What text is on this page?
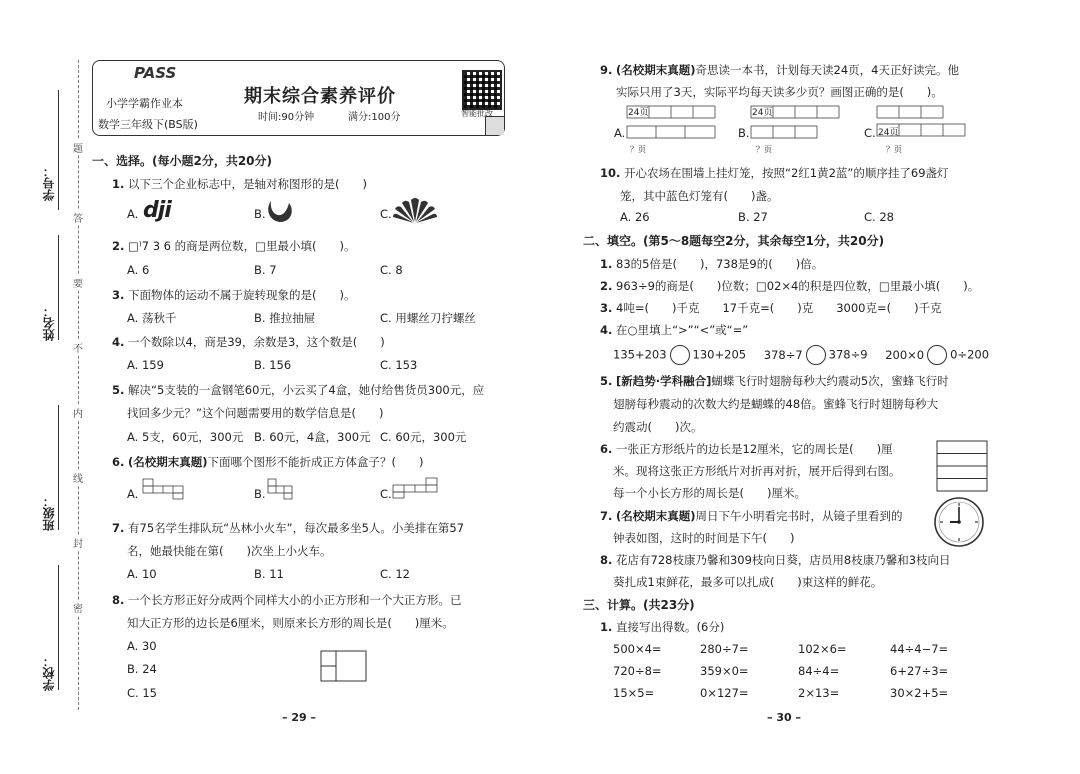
学号：
姓名：
班级：
学校：
题
答
要
不
内
线
封
密
PASS
小学学霸作业本
数学三年级下(BS版)
期末综合素养评价
时间:90分钟	满分:100分	智能批改
一、选择。(每小题2分，共20分)
1. 以下三个企业标志中，是轴对称图形的是(　　)
A. dji	B.	C.
2. □⁾7 3 6 的商是两位数，□里最小填(　　)。
A. 6	B. 7	C. 8
3. 下面物体的运动不属于旋转现象的是(　　)。
A. 荡秋千	B. 推拉抽屉	C. 用螺丝刀拧螺丝
4. 一个数除以4，商是39，余数是3，这个数是(　　)
A. 159	B. 156	C. 153
5. 解决“5支装的一盒钢笔60元，小云买了4盒，她付给售货员300元，应
找回多少元？”这个问题需要用的数学信息是(　　)
A. 5支，60元，300元 B. 60元，4盒，300元 C. 60元，300元
6. (名校期末真题)下面哪个图形不能折成正方体盒子？(　　)
A.	B.	C.
7. 有75名学生排队玩“丛林小火车”，每次最多坐5人。小美排在第57
名，她最快能在第(　　)次坐上小火车。
A. 10	B. 11	C. 12
8. 一个长方形正好分成两个同样大小的小正方形和一个大正方形。已
知大正方形的边长是6厘米，则原来长方形的周长是(　　)厘米。
A. 30
B. 24
C. 15
– 29 –
9. (名校期末真题)奇思读一本书，计划每天读24页，4天正好读完。他
实际只用了3天，实际平均每天读多少页？画图正确的是(　　)。
A.
24页
？页
B.
24页
？页
C. 24页
？页
10. 开心农场在围墙上挂灯笼，按照“2红1黄2蓝”的顺序挂了69盏灯
笼，其中蓝色灯笼有(　　)盏。
A. 26	B. 27	C. 28
二、填空。(第5～8题每空2分，其余每空1分，共20分)
1. 83的5倍是(　　)，738是9的(　　)倍。
2. 963÷9的商是(　　)位数；□02×4的积是四位数，□里最小填(　　)。
3. 4吨=(　　)千克　　17千克=(　　)克　　3000克=(　　)千克
4. 在○里填上“>”“<”或“=”
135+203 130+205 378÷7 378÷9 200×0 0÷200
5. [新趋势·学科融合]蝴蝶飞行时翅膀每秒大约震动5次，蜜蜂飞行时
翅膀每秒震动的次数大约是蝴蝶的48倍。蜜蜂飞行时翅膀每秒大
约震动(　　)次。
6. 一张正方形纸片的边长是12厘米，它的周长是(　　)厘
米。现将这张正方形纸片对折再对折，展开后得到右图。
每一个小长方形的周长是(　　)厘米。
7. (名校期末真题)周日下午小明看完书时，从镜子里看到的
钟表如图，这时的时间是下午(　　)
8. 花店有728枝康乃馨和309枝向日葵，店员用8枝康乃馨和3枝向日
葵扎成1束鲜花，最多可以扎成(　　)束这样的鲜花。
三、计算。(共23分)
1. 直接写出得数。(6分)
500×4=	280÷7=	102×6=	44÷4−7=
720÷8=	359×0=	84÷4=	6+27÷3=
15×5=	0×127=	2×13=	30×2+5=
– 30 –
